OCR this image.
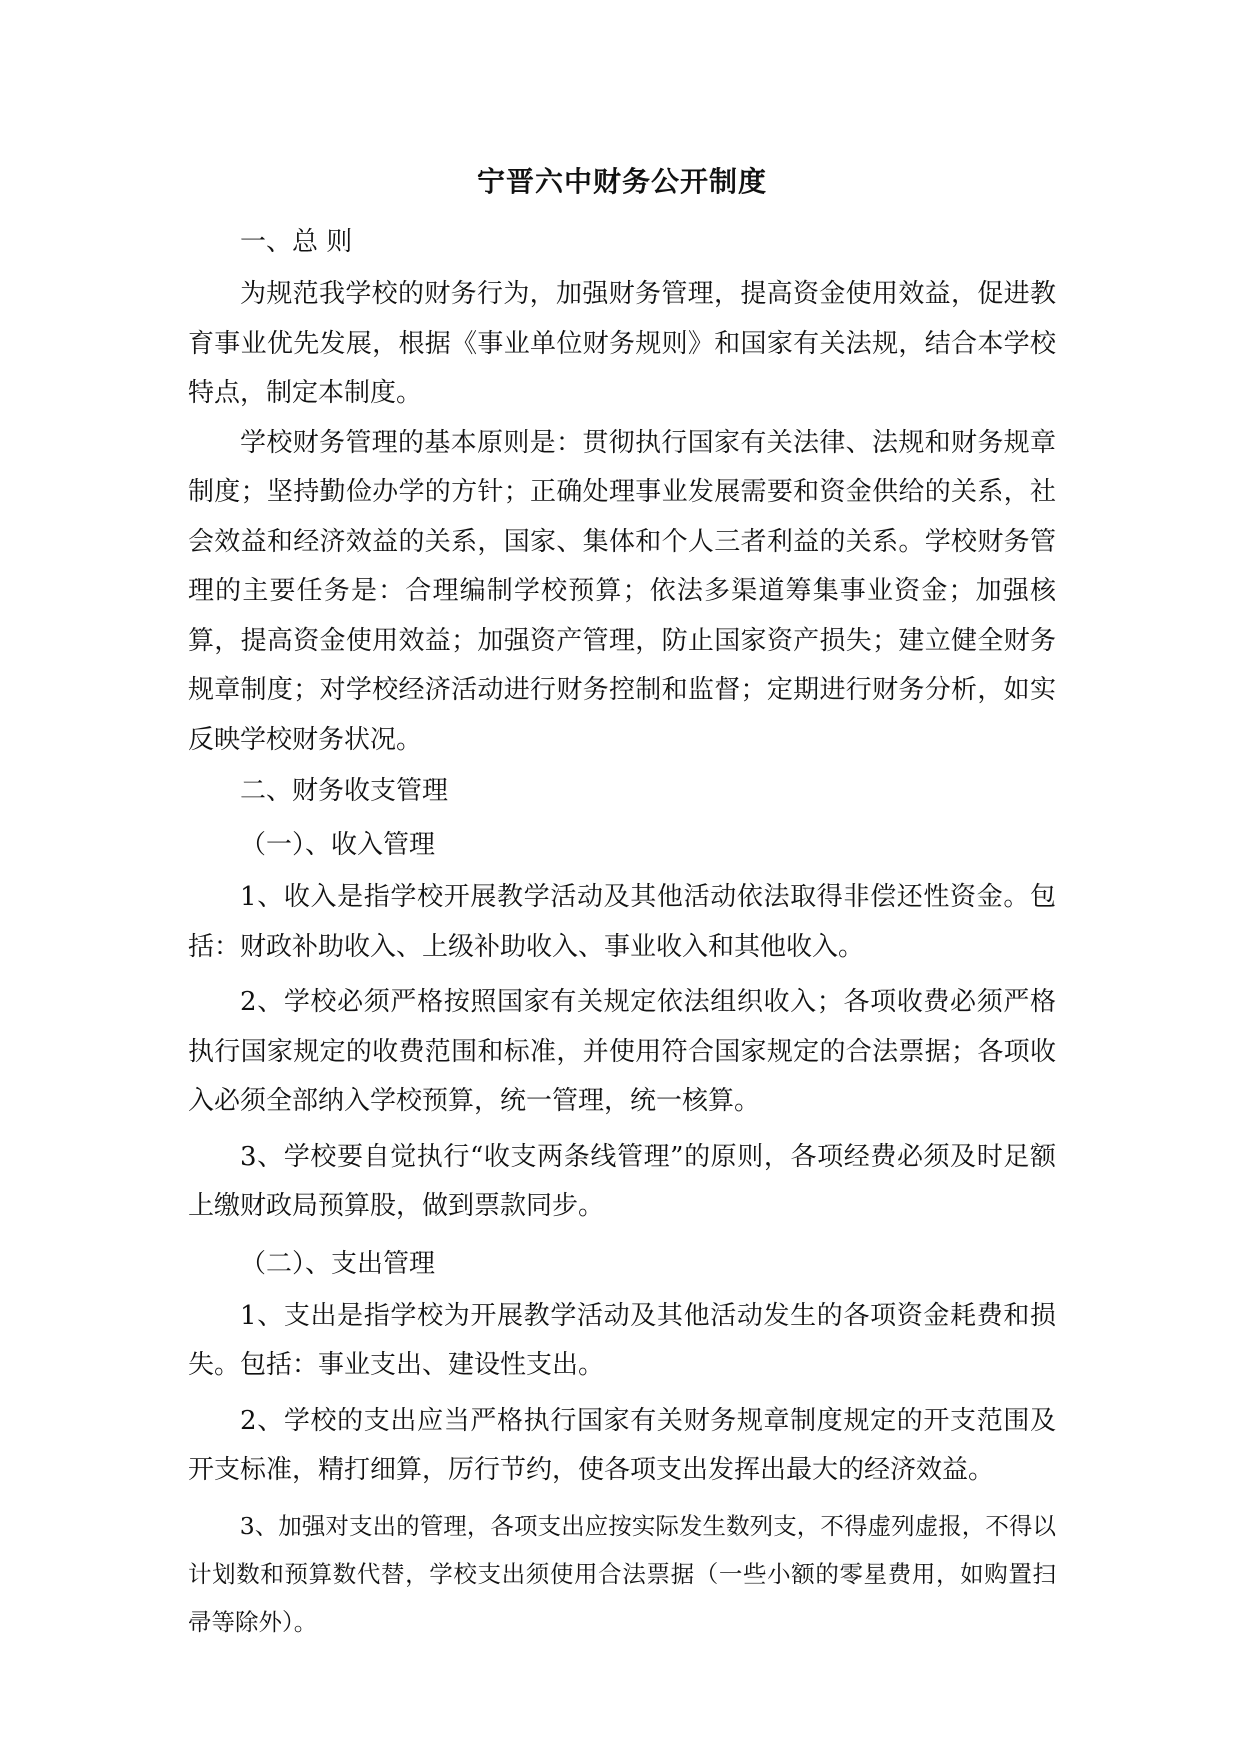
宁晋六中财务公开制度

一、总 则

为规范我学校的财务行为，加强财务管理，提高资金使用效益，促进教育事业优先发展，根据《事业单位财务规则》和国家有关法规，结合本学校特点，制定本制度。

学校财务管理的基本原则是：贯彻执行国家有关法律、法规和财务规章制度；坚持勤俭办学的方针；正确处理事业发展需要和资金供给的关系，社会效益和经济效益的关系，国家、集体和个人三者利益的关系。学校财务管理的主要任务是：合理编制学校预算；依法多渠道筹集事业资金；加强核算，提高资金使用效益；加强资产管理，防止国家资产损失；建立健全财务规章制度；对学校经济活动进行财务控制和监督；定期进行财务分析，如实反映学校财务状况。

二、财务收支管理

（一）、收入管理

1、收入是指学校开展教学活动及其他活动依法取得非偿还性资金。包括：财政补助收入、上级补助收入、事业收入和其他收入。

2、学校必须严格按照国家有关规定依法组织收入；各项收费必须严格执行国家规定的收费范围和标准，并使用符合国家规定的合法票据；各项收入必须全部纳入学校预算，统一管理，统一核算。

3、学校要自觉执行“收支两条线管理”的原则，各项经费必须及时足额上缴财政局预算股，做到票款同步。

（二）、支出管理

1、支出是指学校为开展教学活动及其他活动发生的各项资金耗费和损失。包括：事业支出、建设性支出。

2、学校的支出应当严格执行国家有关财务规章制度规定的开支范围及开支标准，精打细算，厉行节约，使各项支出发挥出最大的经济效益。

3、加强对支出的管理，各项支出应按实际发生数列支，不得虚列虚报，不得以计划数和预算数代替，学校支出须使用合法票据（一些小额的零星费用，如购置扫帚等除外）。
